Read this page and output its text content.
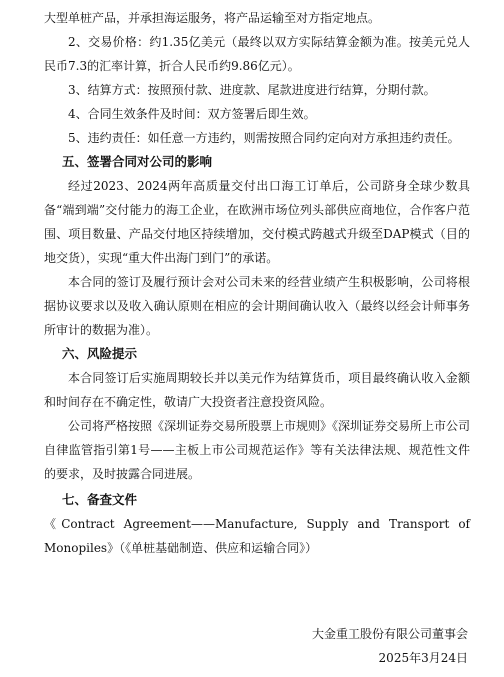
大型单桩产品，并承担海运服务，将产品运输至对方指定地点。

2、交易价格：约1.35亿美元（最终以双方实际结算金额为准。按美元兑人民币7.3的汇率计算，折合人民币约9.86亿元）。

3、结算方式：按照预付款、进度款、尾款进度进行结算，分期付款。

4、合同生效条件及时间：双方签署后即生效。

5、违约责任：如任意一方违约，则需按照合同约定向对方承担违约责任。

五、签署合同对公司的影响

经过2023、2024两年高质量交付出口海工订单后，公司跻身全球少数具备“端到端”交付能力的海工企业，在欧洲市场位列头部供应商地位，合作客户范围、项目数量、产品交付地区持续增加，交付模式跨越式升级至DAP模式（目的地交货），实现“重大件出海门到门”的承诺。

本合同的签订及履行预计会对公司未来的经营业绩产生积极影响，公司将根据协议要求以及收入确认原则在相应的会计期间确认收入（最终以经会计师事务所审计的数据为准）。

六、风险提示

本合同签订后实施周期较长并以美元作为结算货币，项目最终确认收入金额和时间存在不确定性，敬请广大投资者注意投资风险。

公司将严格按照《深圳证券交易所股票上市规则》《深圳证券交易所上市公司自律监管指引第1号——主板上市公司规范运作》等有关法律法规、规范性文件的要求，及时披露合同进展。

七、备查文件

《Contract Agreement——Manufacture, Supply and Transport of Monopiles》（《单桩基础制造、供应和运输合同》）

大金重工股份有限公司董事会

2025年3月24日
